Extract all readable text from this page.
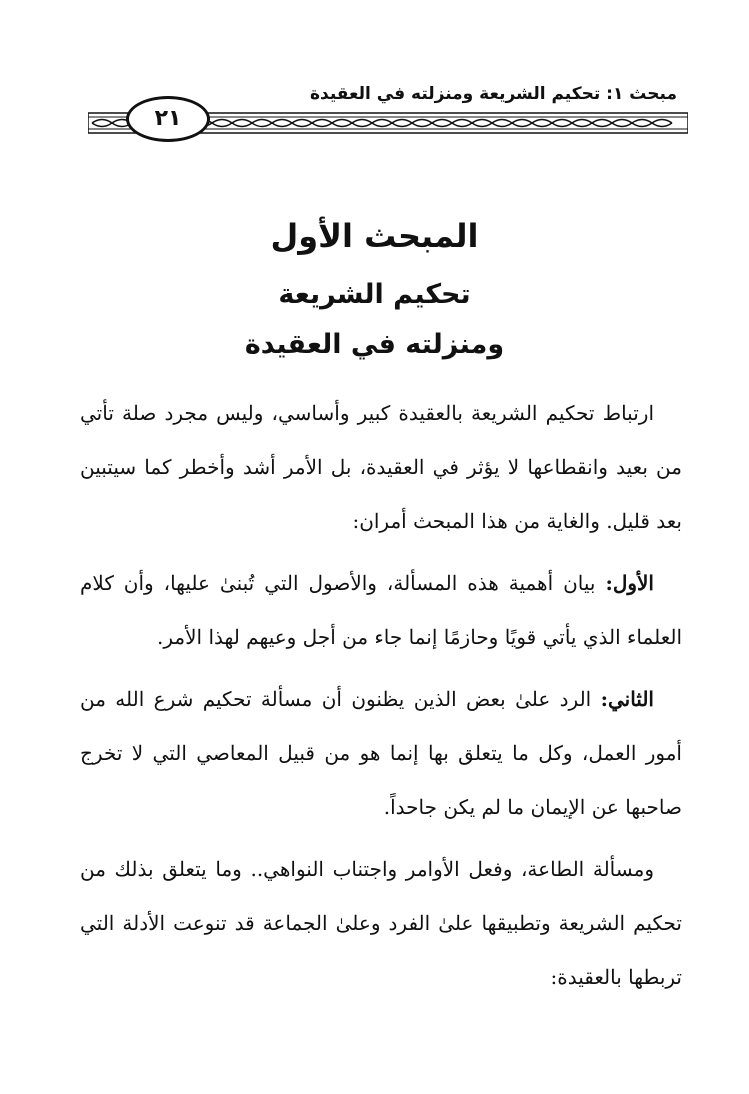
مبحث ١: تحكيم الشريعة ومنزلته في العقيدة
٢١
المبحث الأول
تحكيم الشريعة
ومنزلته في العقيدة

ارتباط تحكيم الشريعة بالعقيدة كبير وأساسي، وليس مجرد صلة تأتي من بعيد وانقطاعها لا يؤثر في العقيدة، بل الأمر أشد وأخطر كما سيتبين بعد قليل. والغاية من هذا المبحث أمران:

الأول: بيان أهمية هذه المسألة، والأصول التي تُبنىٰ عليها، وأن كلام العلماء الذي يأتي قويًا وحازمًا إنما جاء من أجل وعيهم لهذا الأمر.

الثاني: الرد علىٰ بعض الذين يظنون أن مسألة تحكيم شرع الله من أمور العمل، وكل ما يتعلق بها إنما هو من قبيل المعاصي التي لا تخرج صاحبها عن الإيمان ما لم يكن جاحداً.

ومسألة الطاعة، وفعل الأوامر واجتناب النواهي.. وما يتعلق بذلك من تحكيم الشريعة وتطبيقها علىٰ الفرد وعلىٰ الجماعة قد تنوعت الأدلة التي تربطها بالعقيدة:
